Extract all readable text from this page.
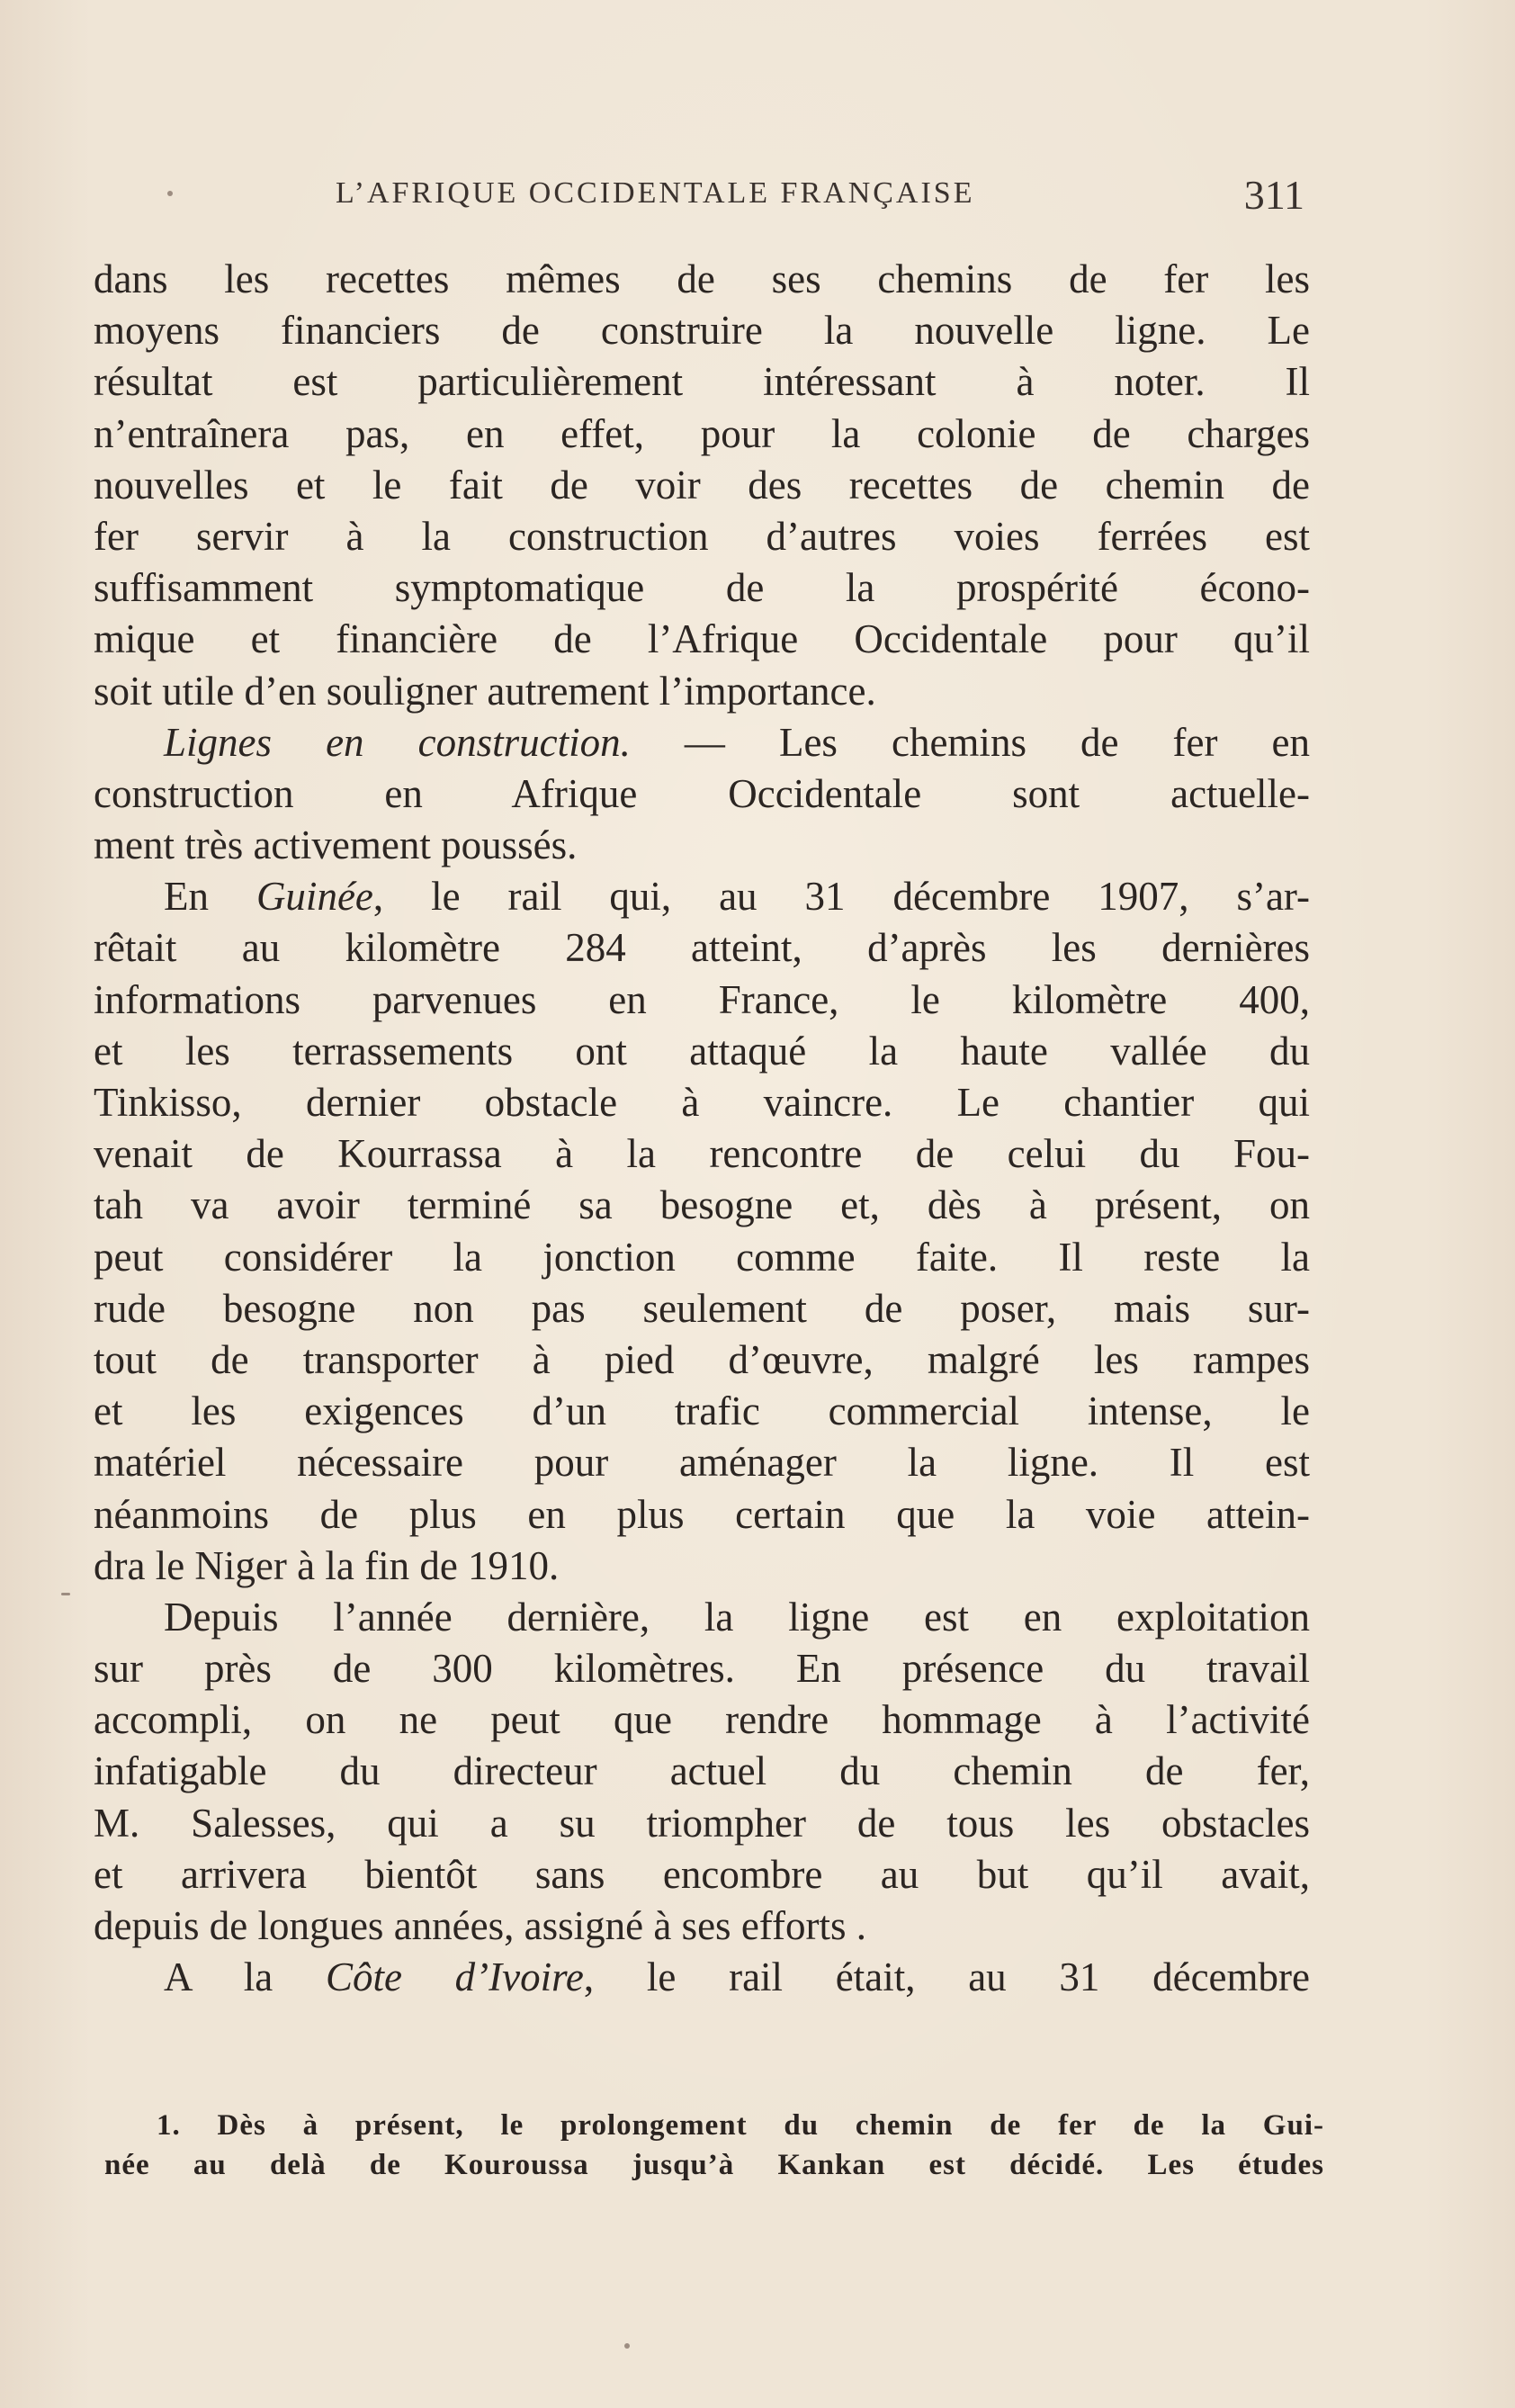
L’AFRIQUE OCCIDENTALE FRANÇAISE	311
dans les recettes mêmes de ses chemins de fer les
moyens financiers de construire la nouvelle ligne. Le
résultat est particulièrement intéressant à noter. Il
n’entraînera pas, en effet, pour la colonie de charges
nouvelles et le fait de voir des recettes de chemin de
fer servir à la construction d’autres voies ferrées est
suffisamment symptomatique de la prospérité écono-
mique et financière de l’Afrique Occidentale pour qu’il
soit utile d’en souligner autrement l’importance.
Lignes en construction. — Les chemins de fer en
construction en Afrique Occidentale sont actuelle-
ment très activement poussés.
En Guinée, le rail qui, au 31 décembre 1907, s’ar-
rêtait au kilomètre 284 atteint, d’après les dernières
informations parvenues en France, le kilomètre 400,
et les terrassements ont attaqué la haute vallée du
Tinkisso, dernier obstacle à vaincre. Le chantier qui
venait de Kourrassa à la rencontre de celui du Fou-
tah va avoir terminé sa besogne et, dès à présent, on
peut considérer la jonction comme faite. Il reste la
rude besogne non pas seulement de poser, mais sur-
tout de transporter à pied d’œuvre, malgré les rampes
et les exigences d’un trafic commercial intense, le
matériel nécessaire pour aménager la ligne. Il est
néanmoins de plus en plus certain que la voie attein-
dra le Niger à la fin de 1910.
Depuis l’année dernière, la ligne est en exploitation
sur près de 300 kilomètres. En présence du travail
accompli, on ne peut que rendre hommage à l’activité
infatigable du directeur actuel du chemin de fer,
M. Salesses, qui a su triompher de tous les obstacles
et arrivera bientôt sans encombre au but qu’il avait,
depuis de longues années, assigné à ses efforts .
A la Côte d’Ivoire, le rail était, au 31 décembre
1. Dès à présent, le prolongement du chemin de fer de la Gui-
née au delà de Kouroussa jusqu’à Kankan est décidé. Les études
